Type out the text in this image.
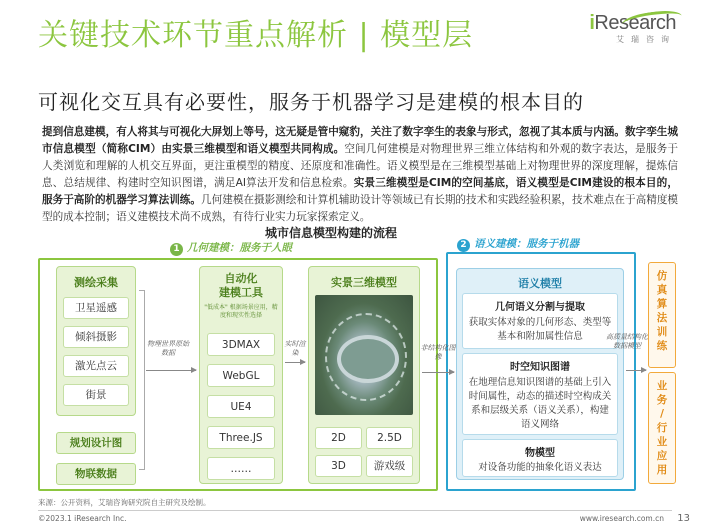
关键技术环节重点解析 | 模型层	iResearch
艾瑞咨询
可视化交互具有必要性，服务于机器学习是建模的根本目的
提到信息建模，有人将其与可视化大屏划上等号，这无疑是管中窥豹，关注了数字孪生的表象与形式，忽视了其本质与内涵。数字孪生城市信息模型（简称CIM）由实景三维模型和语义模型共同构成。空间几何建模是对物理世界三维立体结构和外观的数字表达，是服务于人类浏览和理解的人机交互界面，更注重模型的精度、还原度和准确性。语义模型是在三维模型基础上对物理世界的深度理解，提炼信息、总结规律、构建时空知识图谱，满足AI算法开发和信息检索。实景三维模型是CIM的空间基底，语义模型是CIM建设的根本目的，服务于高阶的机器学习算法训练。几何建模在摄影测绘和计算机辅助设计等领域已有长期的技术和实践经验积累，技术难点在于高精度模型的成本控制；语义建模技术尚不成熟，有待行业实力玩家探索定义。
城市信息模型构建的流程
1 几何建模：服务于人眼	2 语义建模：服务于机器
测绘采集
卫星遥感
倾斜摄影
激光点云
街景
规划设计图
物联数据
物理世界原始数据
自动化
建模工具
"低成本" 根据场景应用，精度和现实性选择
3DMAX
WebGL
UE4
Three.JS
……
实时渲染
实景三维模型
2D	2.5D
3D	游戏级
非结构化图像
语义模型
几何语义分割与提取
获取实体对象的几何形态、类型等基本和附加属性信息
时空知识图谱
在地理信息知识图谱的基础上引入时间属性，动态的描述时空构成关系和层级关系（语义关系），构建语义网络
物模型
对设备功能的抽象化语义表达
高质量结构化数据模型
仿
真
算
法
训
练
业
务
/
行
业
应
用
来源：公开资料，艾瑞咨询研究院自主研究及绘制。
©2023.1 iResearch Inc.	www.iresearch.com.cn 13
